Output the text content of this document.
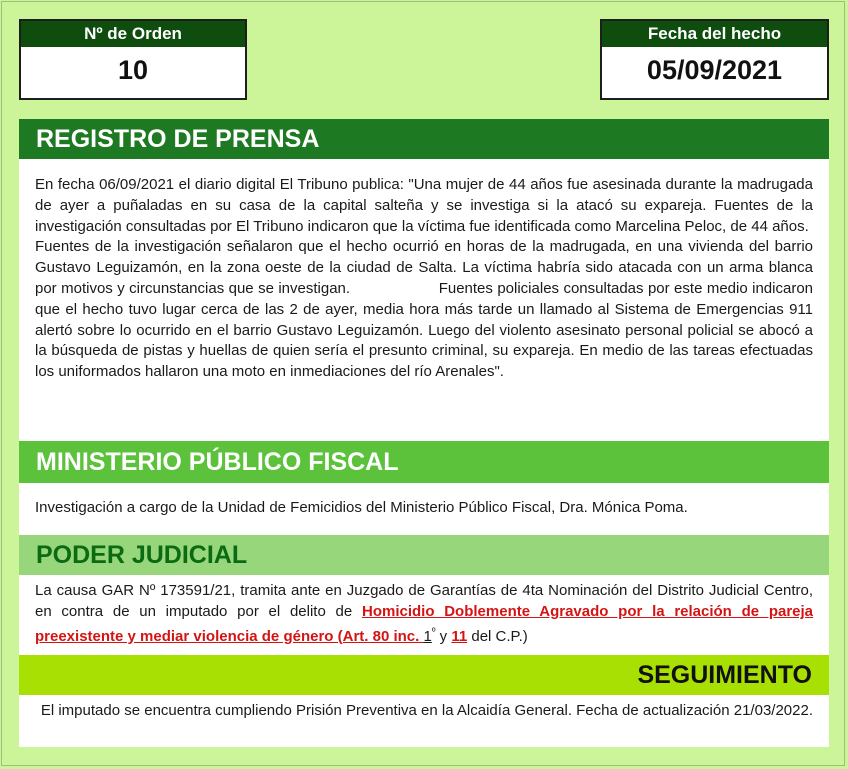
Nº de Orden
10
Fecha del hecho
05/09/2021
REGISTRO DE PRENSA
En fecha 06/09/2021 el diario digital El Tribuno publica: "Una mujer de 44 años fue asesinada durante la madrugada de ayer a puñaladas en su casa de la capital salteña y se investiga si la atacó su expareja. Fuentes de la investigación consultadas por El Tribuno indicaron que la víctima fue identificada como Marcelina Peloc, de 44 años.
Fuentes de la investigación señalaron que el hecho ocurrió en horas de la madrugada, en una vivienda del barrio Gustavo Leguizamón, en la zona oeste de la ciudad de Salta. La víctima habría sido atacada con un arma blanca por motivos y circunstancias que se investigan.	Fuentes policiales consultadas por este medio indicaron que el hecho tuvo lugar cerca de las 2 de ayer, media hora más tarde un llamado al Sistema de Emergencias 911 alertó sobre lo ocurrido en el barrio Gustavo Leguizamón. Luego del violento asesinato personal policial se abocó a la búsqueda de pistas y huellas de quien sería el presunto criminal, su expareja. En medio de las tareas efectuadas los uniformados hallaron una moto en inmediaciones del río Arenales".
MINISTERIO PÚBLICO FISCAL
Investigación a cargo de la Unidad de Femicidios del Ministerio Público Fiscal, Dra. Mónica Poma.
PODER JUDICIAL
La causa GAR Nº 173591/21, tramita ante en Juzgado de Garantías de 4ta Nominación del Distrito Judicial Centro, en contra de un imputado por el delito de Homicidio Doblemente Agravado por la relación de pareja preexistente y mediar violencia de género (Art. 80 inc. $1^º$ y 11 del C.P.)
SEGUIMIENTO
El imputado se encuentra cumpliendo Prisión Preventiva en la Alcaidía General. Fecha de actualización 21/03/2022.
